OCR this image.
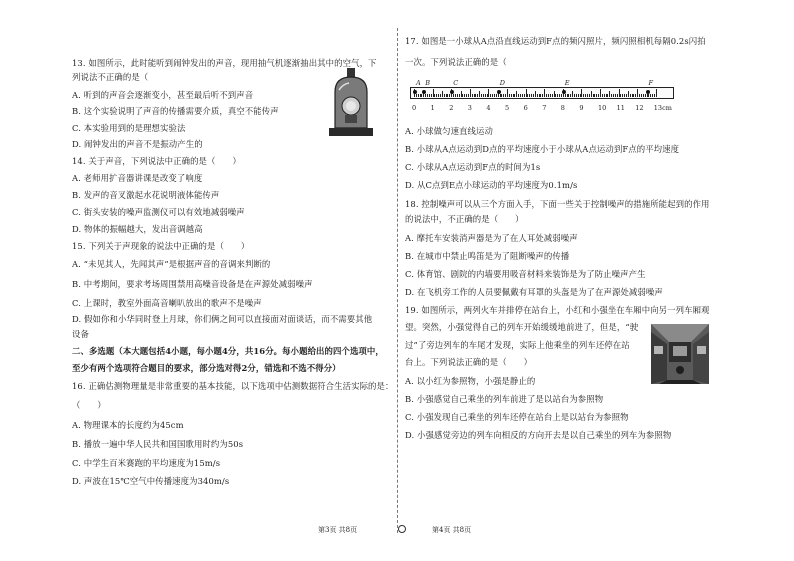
13. 如图所示，此时能听到闹钟发出的声音，现用抽气机逐渐抽出其中的空气，下
列说法不正确的是（
A. 听到的声音会逐渐变小，甚至最后听不到声音
B. 这个实验说明了声音的传播需要介质，真空不能传声
C. 本实验用到的是理想实验法
D. 闹钟发出的声音不是振动产生的
14. 关于声音，下列说法中正确的是（　　）
A. 老师用扩音器讲课是改变了响度
B. 发声的音叉激起水花说明液体能传声
C. 街头安装的噪声监测仪可以有效地减弱噪声
D. 物体的振幅越大，发出音调越高
15. 下列关于声现象的说法中正确的是（　　）
A. “未见其人，先闻其声”是根据声音的音调来判断的
B. 中考期间，要求考场周围禁用高噪音设备是在声源处减弱噪声
C. 上课时，教室外面高音喇叭放出的歌声不是噪声
D. 假如你和小华同时登上月球，你们俩之间可以直接面对面谈话，而不需要其他
设备
二、多选题（本大题包括4小题，每小题4分，共16分。每小题给出的四个选项中，
至少有两个选项符合题目的要求，部分选对得2分，错选和不选不得分）
16. 正确估测物理量是非常重要的基本技能，以下选项中估测数据符合生活实际的是：
（　　）
A. 物理课本的长度约为45cm
B. 播放一遍中华人民共和国国歌用时约为50s
C. 中学生百米赛跑的平均速度为15m/s
D. 声波在15℃空气中传播速度为340m/s
17. 如图是一小球从A点沿直线运动到F点的频闪照片，频闪照相机每隔0.2s闪拍
一次。下列说法正确的是（
0 1 2 3 4 5 6 7 8 9 10 11 12 13cm
A B	C	D	E	F
A. 小球做匀速直线运动
B. 小球从A点运动到D点的平均速度小于小球从A点运动到F点的平均速度
C. 小球从A点运动到F点的时间为1s
D. 从C点到E点小球运动的平均速度为0.1m/s
18. 控制噪声可以从三个方面入手，下面一些关于控制噪声的措施所能起到的作用
的说法中，不正确的是（　　）
A. 摩托车安装消声器是为了在人耳处减弱噪声
B. 在城市中禁止鸣笛是为了阻断噪声的传播
C. 体育馆、剧院的内墙要用吸音材料来装饰是为了防止噪声产生
D. 在飞机旁工作的人员要佩戴有耳罩的头盔是为了在声源处减弱噪声
19. 如图所示，两列火车并排停在站台上，小红和小强坐在车厢中向另一列车厢观
望。突然，小强觉得自己的列车开始缓缓地前进了，但是，“驶
过”了旁边列车的车尾才发现，实际上他乘坐的列车还停在站
台上。下列说法正确的是（　　）
A. 以小红为参照物，小强是静止的
B. 小强感觉自己乘坐的列车前进了是以站台为参照物
C. 小强发现自己乘坐的列车还停在站台上是以站台为参照物
D. 小强感觉旁边的列车向相反的方向开去是以自己乘坐的列车为参照物
第3页 共8页	第4页 共8页
